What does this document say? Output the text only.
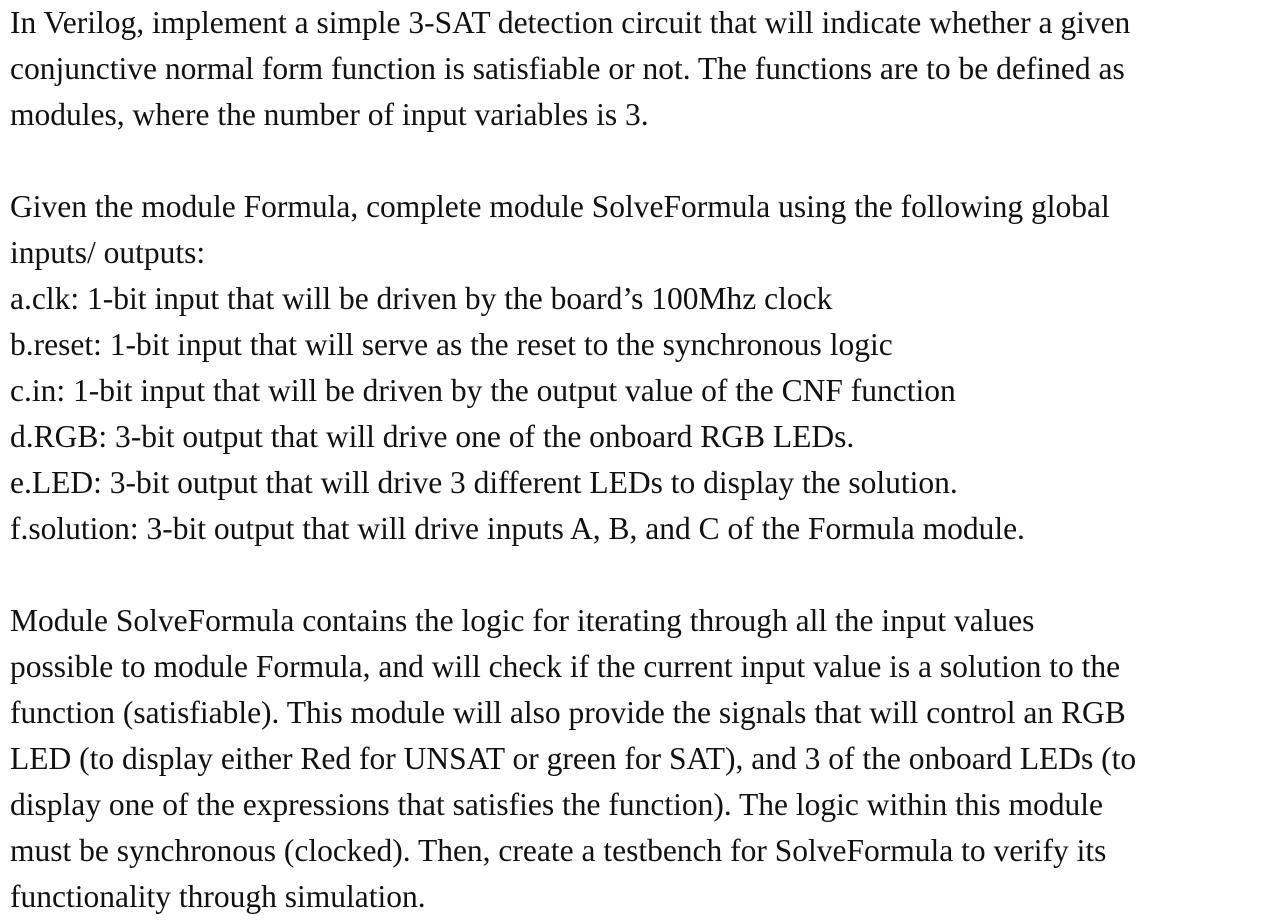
In Verilog, implement a simple 3-SAT detection circuit that will indicate whether a given
conjunctive normal form function is satisfiable or not. The functions are to be defined as
modules, where the number of input variables is 3.
Given the module Formula, complete module SolveFormula using the following global
inputs/ outputs:
a.clk: 1-bit input that will be driven by the board’s 100Mhz clock
b.reset: 1-bit input that will serve as the reset to the synchronous logic
c.in: 1-bit input that will be driven by the output value of the CNF function
d.RGB: 3-bit output that will drive one of the onboard RGB LEDs.
e.LED: 3-bit output that will drive 3 different LEDs to display the solution.
f.solution: 3-bit output that will drive inputs A, B, and C of the Formula module.
Module SolveFormula contains the logic for iterating through all the input values
possible to module Formula, and will check if the current input value is a solution to the
function (satisfiable). This module will also provide the signals that will control an RGB
LED (to display either Red for UNSAT or green for SAT), and 3 of the onboard LEDs (to
display one of the expressions that satisfies the function). The logic within this module
must be synchronous (clocked). Then, create a testbench for SolveFormula to verify its
functionality through simulation.
